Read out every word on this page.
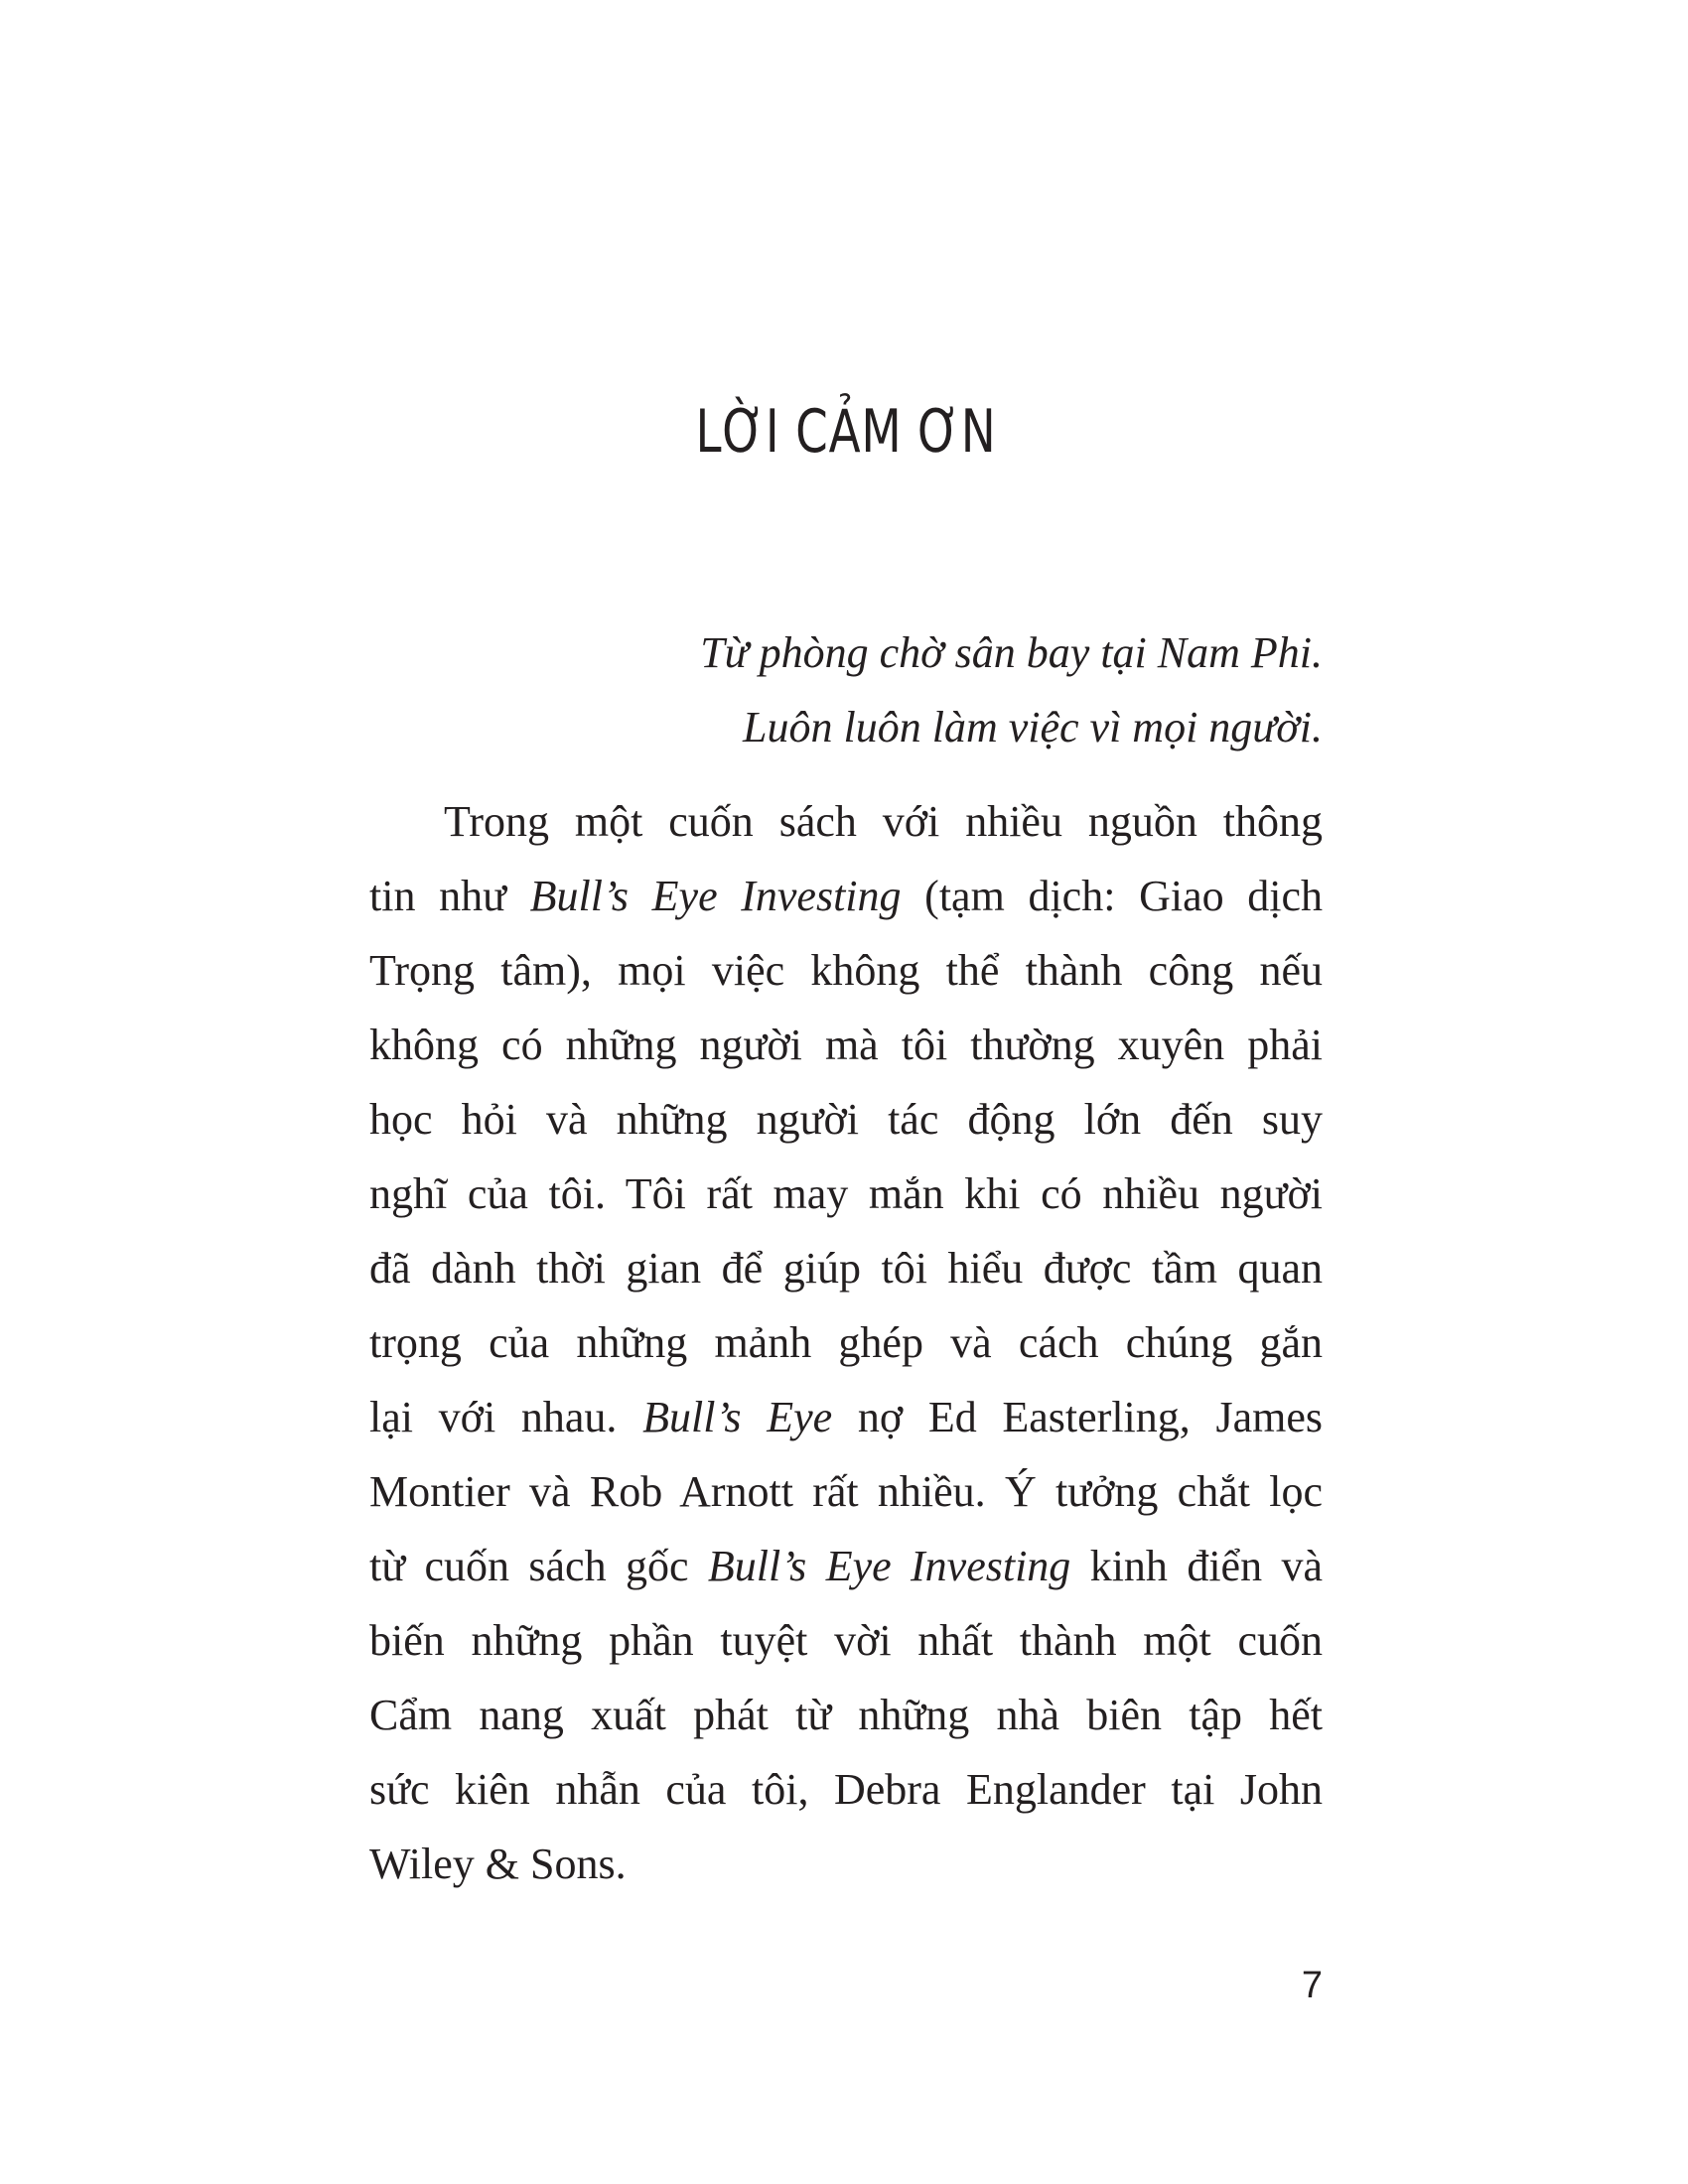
LỜI CẢM ƠN
Từ phòng chờ sân bay tại Nam Phi.
Luôn luôn làm việc vì mọi người.
Trong một cuốn sách với nhiều nguồn thông
tin như Bull’s Eye Investing (tạm dịch: Giao dịch
Trọng tâm), mọi việc không thể thành công nếu
không có những người mà tôi thường xuyên phải
học hỏi và những người tác động lớn đến suy
nghĩ của tôi. Tôi rất may mắn khi có nhiều người
đã dành thời gian để giúp tôi hiểu được tầm quan
trọng của những mảnh ghép và cách chúng gắn
lại với nhau. Bull’s Eye nợ Ed Easterling, James
Montier và Rob Arnott rất nhiều. Ý tưởng chắt lọc
từ cuốn sách gốc Bull’s Eye Investing kinh điển và
biến những phần tuyệt vời nhất thành một cuốn
Cẩm nang xuất phát từ những nhà biên tập hết
sức kiên nhẫn của tôi, Debra Englander tại John
Wiley & Sons.
7
